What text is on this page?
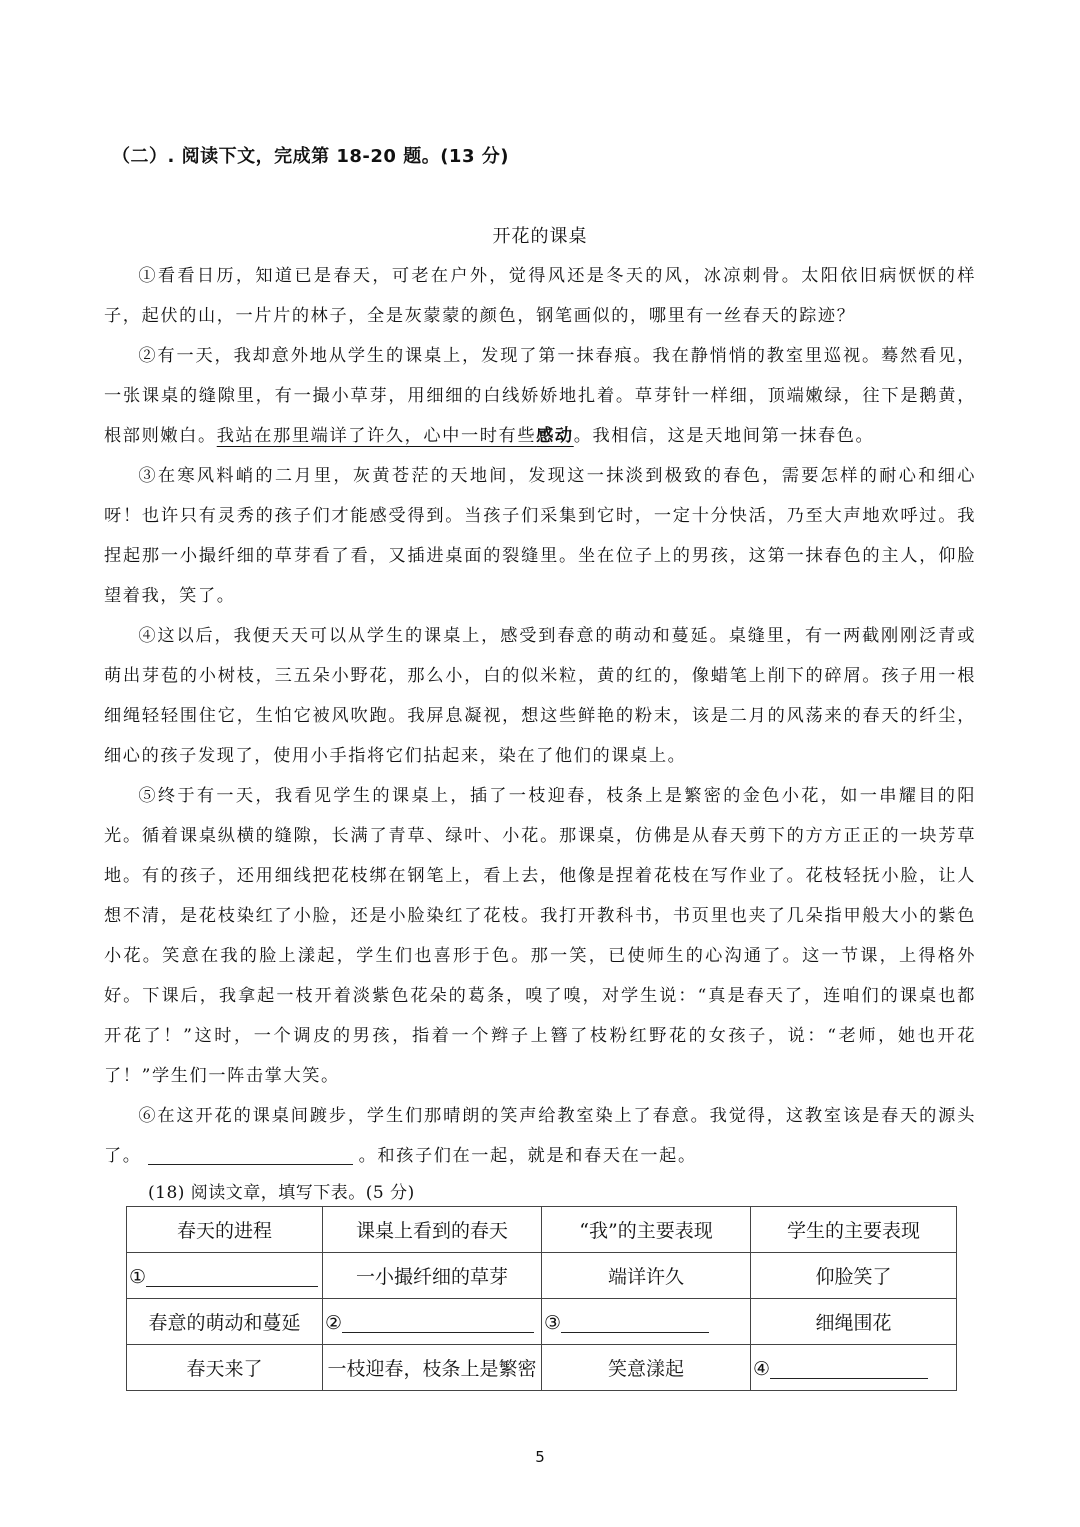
（二）. 阅读下文，完成第 18-20 题。(13 分)
开花的课桌

①看看日历，知道已是春天，可老在户外，觉得风还是冬天的风，冰凉刺骨。太阳依旧病恹恹的样子，起伏的山，一片片的林子，全是灰蒙蒙的颜色，钢笔画似的，哪里有一丝春天的踪迹？

②有一天，我却意外地从学生的课桌上，发现了第一抹春痕。我在静悄悄的教室里巡视。蓦然看见，一张课桌的缝隙里，有一撮小草芽，用细细的白线娇娇地扎着。草芽针一样细，顶端嫩绿，往下是鹅黄，根部则嫩白。我站在那里端详了许久，心中一时有些感动。我相信，这是天地间第一抹春色。

③在寒风料峭的二月里，灰黄苍茫的天地间，发现这一抹淡到极致的春色，需要怎样的耐心和细心呀！也许只有灵秀的孩子们才能感受得到。当孩子们采集到它时，一定十分快活，乃至大声地欢呼过。我捏起那一小撮纤细的草芽看了看，又插进桌面的裂缝里。坐在位子上的男孩，这第一抹春色的主人，仰脸望着我，笑了。

④这以后，我便天天可以从学生的课桌上，感受到春意的萌动和蔓延。桌缝里，有一两截刚刚泛青或萌出芽苞的小树枝，三五朵小野花，那么小，白的似米粒，黄的红的，像蜡笔上削下的碎屑。孩子用一根细绳轻轻围住它，生怕它被风吹跑。我屏息凝视，想这些鲜艳的粉末，该是二月的风荡来的春天的纤尘，细心的孩子发现了，使用小手指将它们拈起来，染在了他们的课桌上。

⑤终于有一天，我看见学生的课桌上，插了一枝迎春，枝条上是繁密的金色小花，如一串耀目的阳光。循着课桌纵横的缝隙，长满了青草、绿叶、小花。那课桌，仿佛是从春天剪下的方方正正的一块芳草地。有的孩子，还用细线把花枝绑在钢笔上，看上去，他像是捏着花枝在写作业了。花枝轻抚小脸，让人想不清，是花枝染红了小脸，还是小脸染红了花枝。我打开教科书，书页里也夹了几朵指甲般大小的紫色小花。笑意在我的脸上漾起，学生们也喜形于色。那一笑，已使师生的心沟通了。这一节课，上得格外好。下课后，我拿起一枝开着淡紫色花朵的葛条，嗅了嗅，对学生说：“真是春天了，连咱们的课桌也都开花了！”这时，一个调皮的男孩，指着一个辫子上簪了枝粉红野花的女孩子，说：“老师，她也开花了！”学生们一阵击掌大笑。

⑥在这开花的课桌间踱步，学生们那晴朗的笑声给教室染上了春意。我觉得，这教室该是春天的源头了。	。和孩子们在一起，就是和春天在一起。

(18) 阅读文章，填写下表。(5 分)
春天的进程	课桌上看到的春天	“我”的主要表现	学生的主要表现
①	一小撮纤细的草芽	端详许久	仰脸笑了
春意的萌动和蔓延	②	③	细绳围花
春天来了	一枝迎春，枝条上是繁密	笑意漾起	④
5
